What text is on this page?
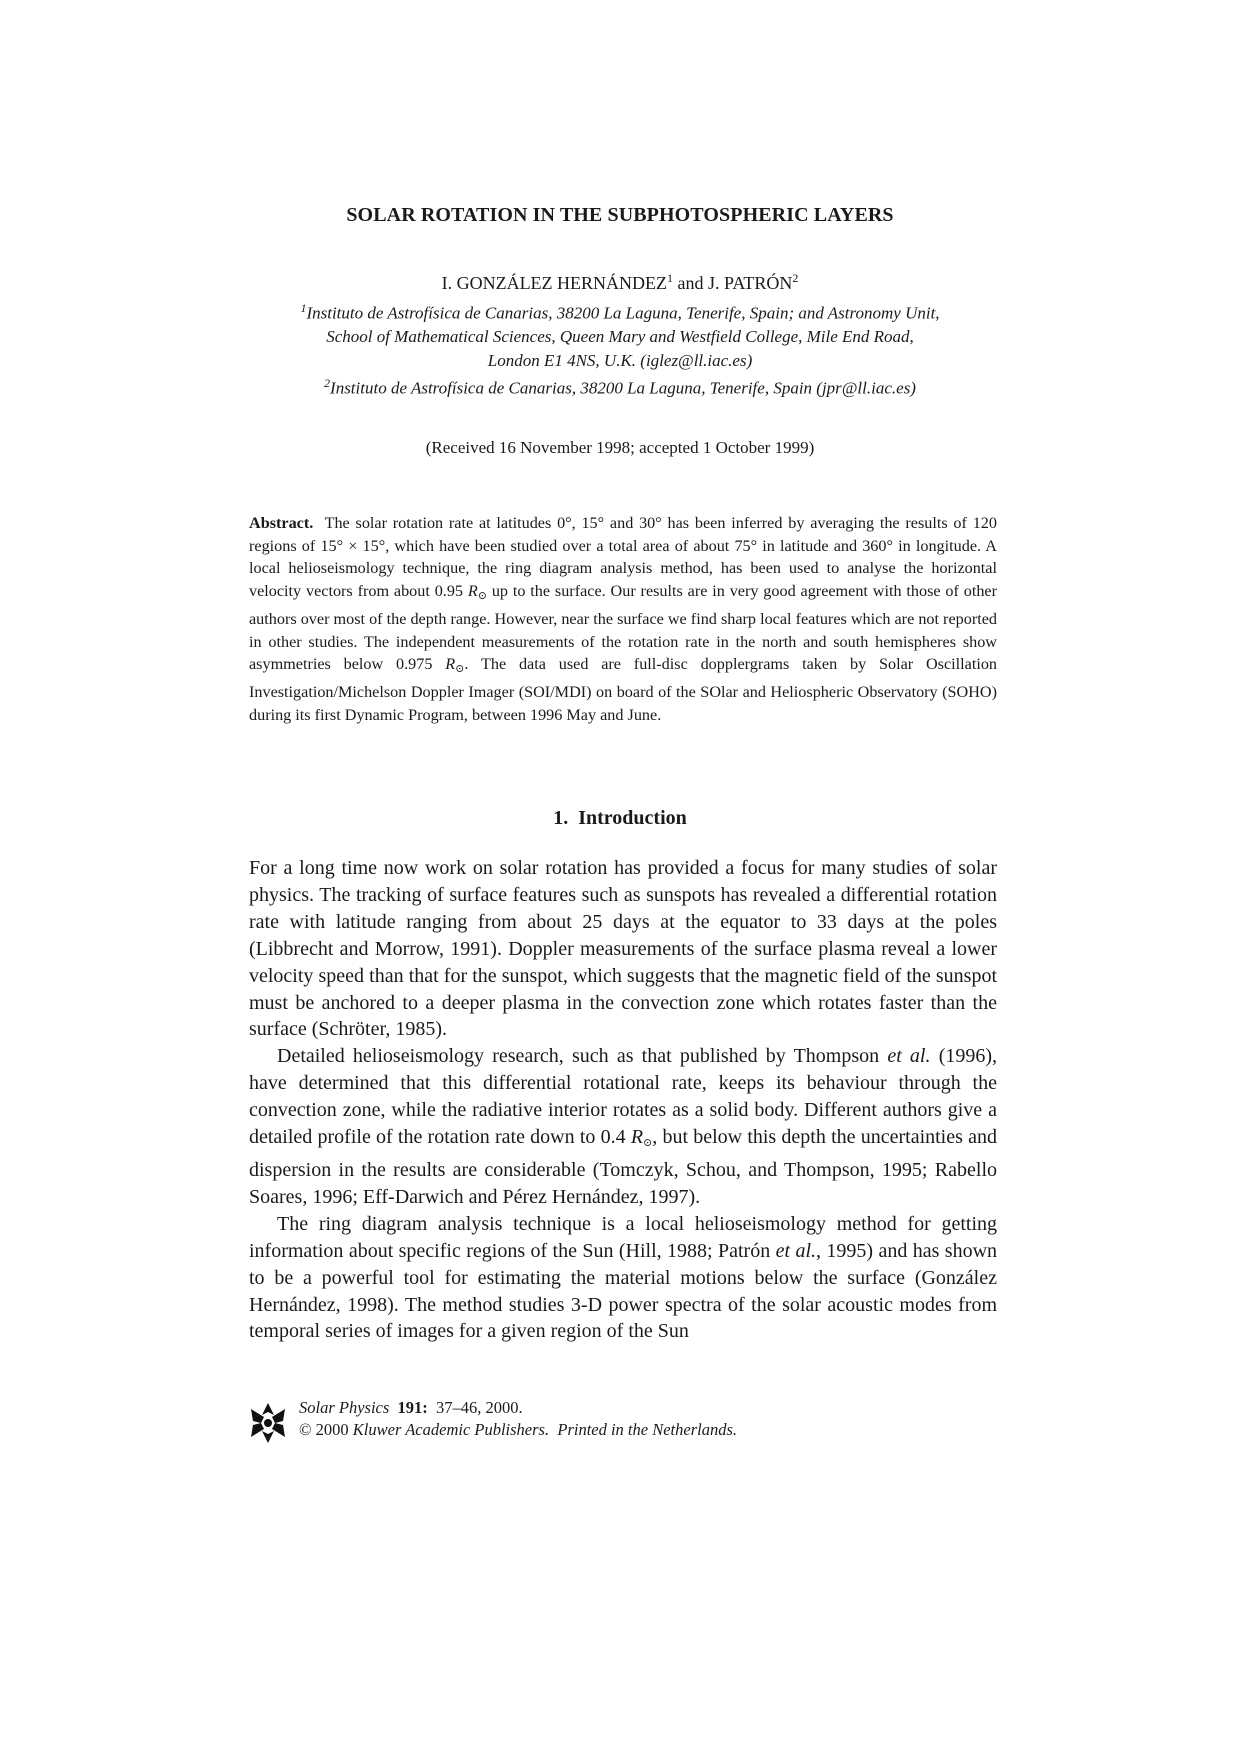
SOLAR ROTATION IN THE SUBPHOTOSPHERIC LAYERS
I. GONZÁLEZ HERNÁNDEZ$^1$ and J. PATRÓN$^2$
$^1$Instituto de Astrofísica de Canarias, 38200 La Laguna, Tenerife, Spain; and Astronomy Unit,
School of Mathematical Sciences, Queen Mary and Westfield College, Mile End Road,
London E1 4NS, U.K. (iglez@ll.iac.es)
$^2$Instituto de Astrofísica de Canarias, 38200 La Laguna, Tenerife, Spain (jpr@ll.iac.es)
(Received 16 November 1998; accepted 1 October 1999)

Abstract. The solar rotation rate at latitudes 0°, 15° and 30° has been inferred by averaging the results of 120 regions of 15° × 15°, which have been studied over a total area of about 75° in latitude and 360° in longitude. A local helioseismology technique, the ring diagram analysis method, has been used to analyse the horizontal velocity vectors from about 0.95 R⊙ up to the surface. Our results are in very good agreement with those of other authors over most of the depth range. However, near the surface we find sharp local features which are not reported in other studies. The independent measurements of the rotation rate in the north and south hemispheres show asymmetries below 0.975 R⊙. The data used are full-disc dopplergrams taken by Solar Oscillation Investigation/Michelson Doppler Imager (SOI/MDI) on board of the SOlar and Heliospheric Observatory (SOHO) during its first Dynamic Program, between 1996 May and June.

1. Introduction

For a long time now work on solar rotation has provided a focus for many studies of solar physics. The tracking of surface features such as sunspots has revealed a differential rotation rate with latitude ranging from about 25 days at the equator to 33 days at the poles (Libbrecht and Morrow, 1991). Doppler measurements of the surface plasma reveal a lower velocity speed than that for the sunspot, which suggests that the magnetic field of the sunspot must be anchored to a deeper plasma in the convection zone which rotates faster than the surface (Schröter, 1985).

Detailed helioseismology research, such as that published by Thompson et al. (1996), have determined that this differential rotational rate, keeps its behaviour through the convection zone, while the radiative interior rotates as a solid body. Different authors give a detailed profile of the rotation rate down to 0.4 R⊙, but below this depth the uncertainties and dispersion in the results are considerable (Tomczyk, Schou, and Thompson, 1995; Rabello Soares, 1996; Eff-Darwich and Pérez Hernández, 1997).

The ring diagram analysis technique is a local helioseismology method for getting information about specific regions of the Sun (Hill, 1988; Patrón et al., 1995) and has shown to be a powerful tool for estimating the material motions below the surface (González Hernández, 1998). The method studies 3-D power spectra of the solar acoustic modes from temporal series of images for a given region of the Sun

Solar Physics 191: 37–46, 2000.
© 2000 Kluwer Academic Publishers. Printed in the Netherlands.
